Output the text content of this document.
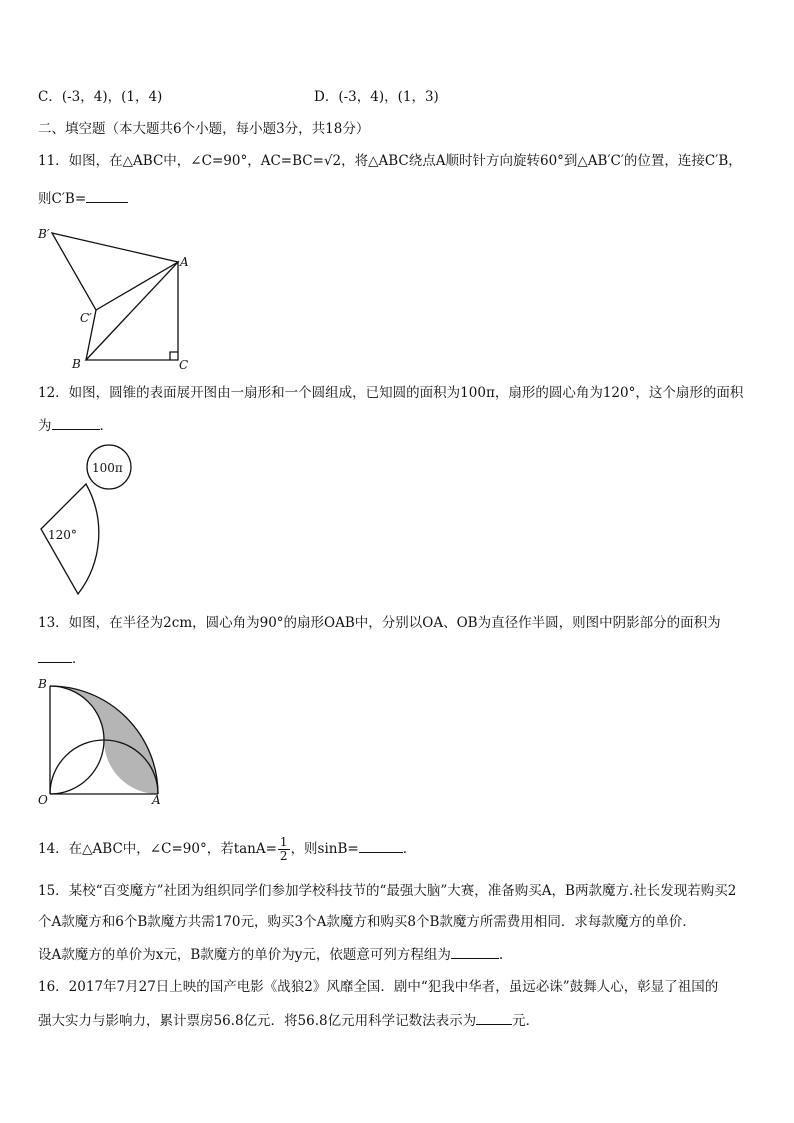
C．(-3，4)，(1，4)	D．(-3，4)，(1，3)
二、填空题（本大题共6个小题，每小题3分，共18分）
11．如图，在△ABC中，∠C=90°，AC=BC=√2，将△ABC绕点A顺时针方向旋转60°到△AB′C′的位置，连接C′B，
则C′B=
B′
A
C′
B	C
12．如图，圆锥的表面展开图由一扇形和一个圆组成，已知圆的面积为100π，扇形的圆心角为120°，这个扇形的面积
为	．
100π
120°
13．如图，在半径为2cm，圆心角为90°的扇形OAB中，分别以OA、OB为直径作半圆，则图中阴影部分的面积为
．
B
O	A
14．在△ABC中，∠C=90°，若$\tan A= \frac{1}{2}$ ，则sinB=	．
15．某校“百变魔方”社团为组织同学们参加学校科技节的“最强大脑”大赛，准备购买A，B两款魔方.社长发现若购买2
个A款魔方和6个B款魔方共需170元，购买3个A款魔方和购买8个B款魔方所需费用相同．求每款魔方的单价．
设A款魔方的单价为x元，B款魔方的单价为y元，依题意可列方程组为	.
16．2017年7月27日上映的国产电影《战狼2》风靡全国．剧中“犯我中华者，虽远必诛”鼓舞人心，彰显了祖国的
强大实力与影响力，累计票房56.8亿元．将56.8亿元用科学记数法表示为	元．
